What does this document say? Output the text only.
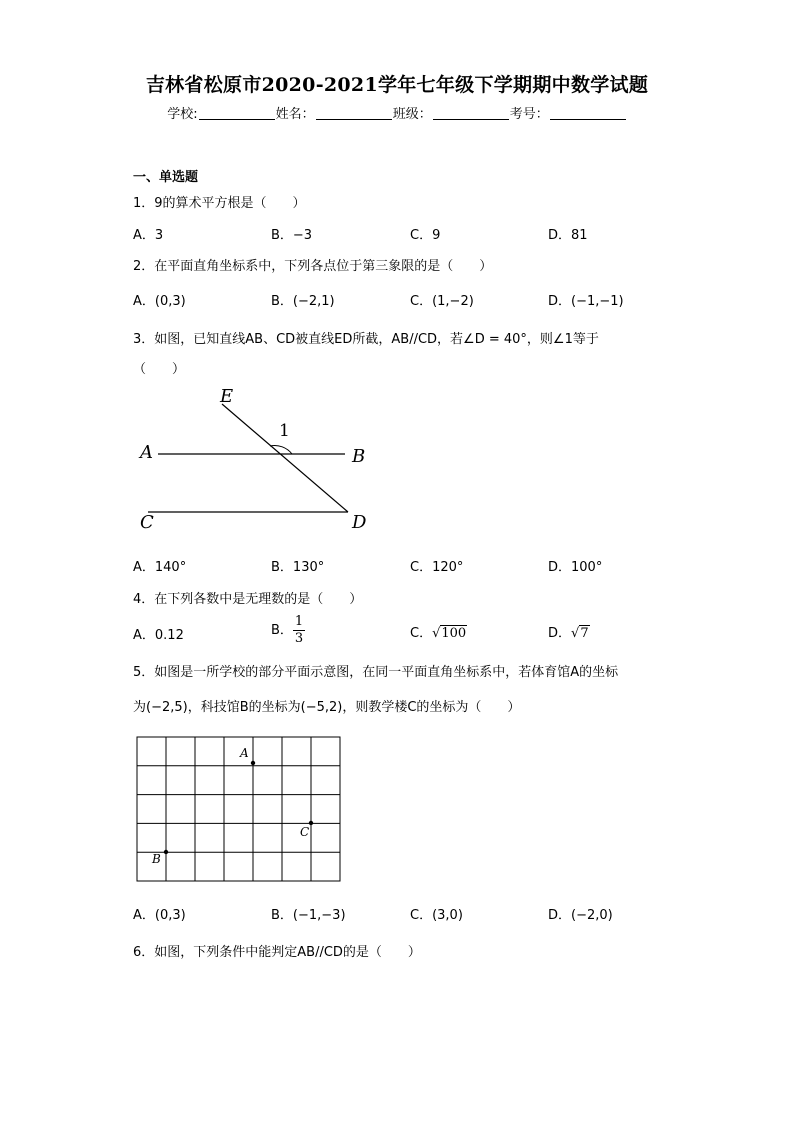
吉林省松原市2020-2021学年七年级下学期期中数学试题
学校:	姓名：	班级：	考号：
一、单选题
1．9的算术平方根是（　　）
A．3	B．−3	C．9	D．81
2．在平面直角坐标系中，下列各点位于第三象限的是（　　）
A．(0,3)	B．(−2,1)	C．(1,−2)	D．(−1,−1)
3．如图，已知直线AB、CD被直线ED所截，AB//CD，若∠D = 40°，则∠1等于
（　　）
E
A	B
C	D
1
A．140°	B．130°	C．120°	D．100°
4．在下列各数中是无理数的是（　　）
A．0.12	B． $\frac{1}{3}$	C．√100	D．√7
5．如图是一所学校的部分平面示意图，在同一平面直角坐标系中，若体育馆A的坐标
为(−2,5)，科技馆B的坐标为(−5,2)，则教学楼C的坐标为（　　）
A
B
C
A．(0,3)	B．(−1,−3)	C．(3,0)	D．(−2,0)
6．如图，下列条件中能判定AB//CD的是（　　）
